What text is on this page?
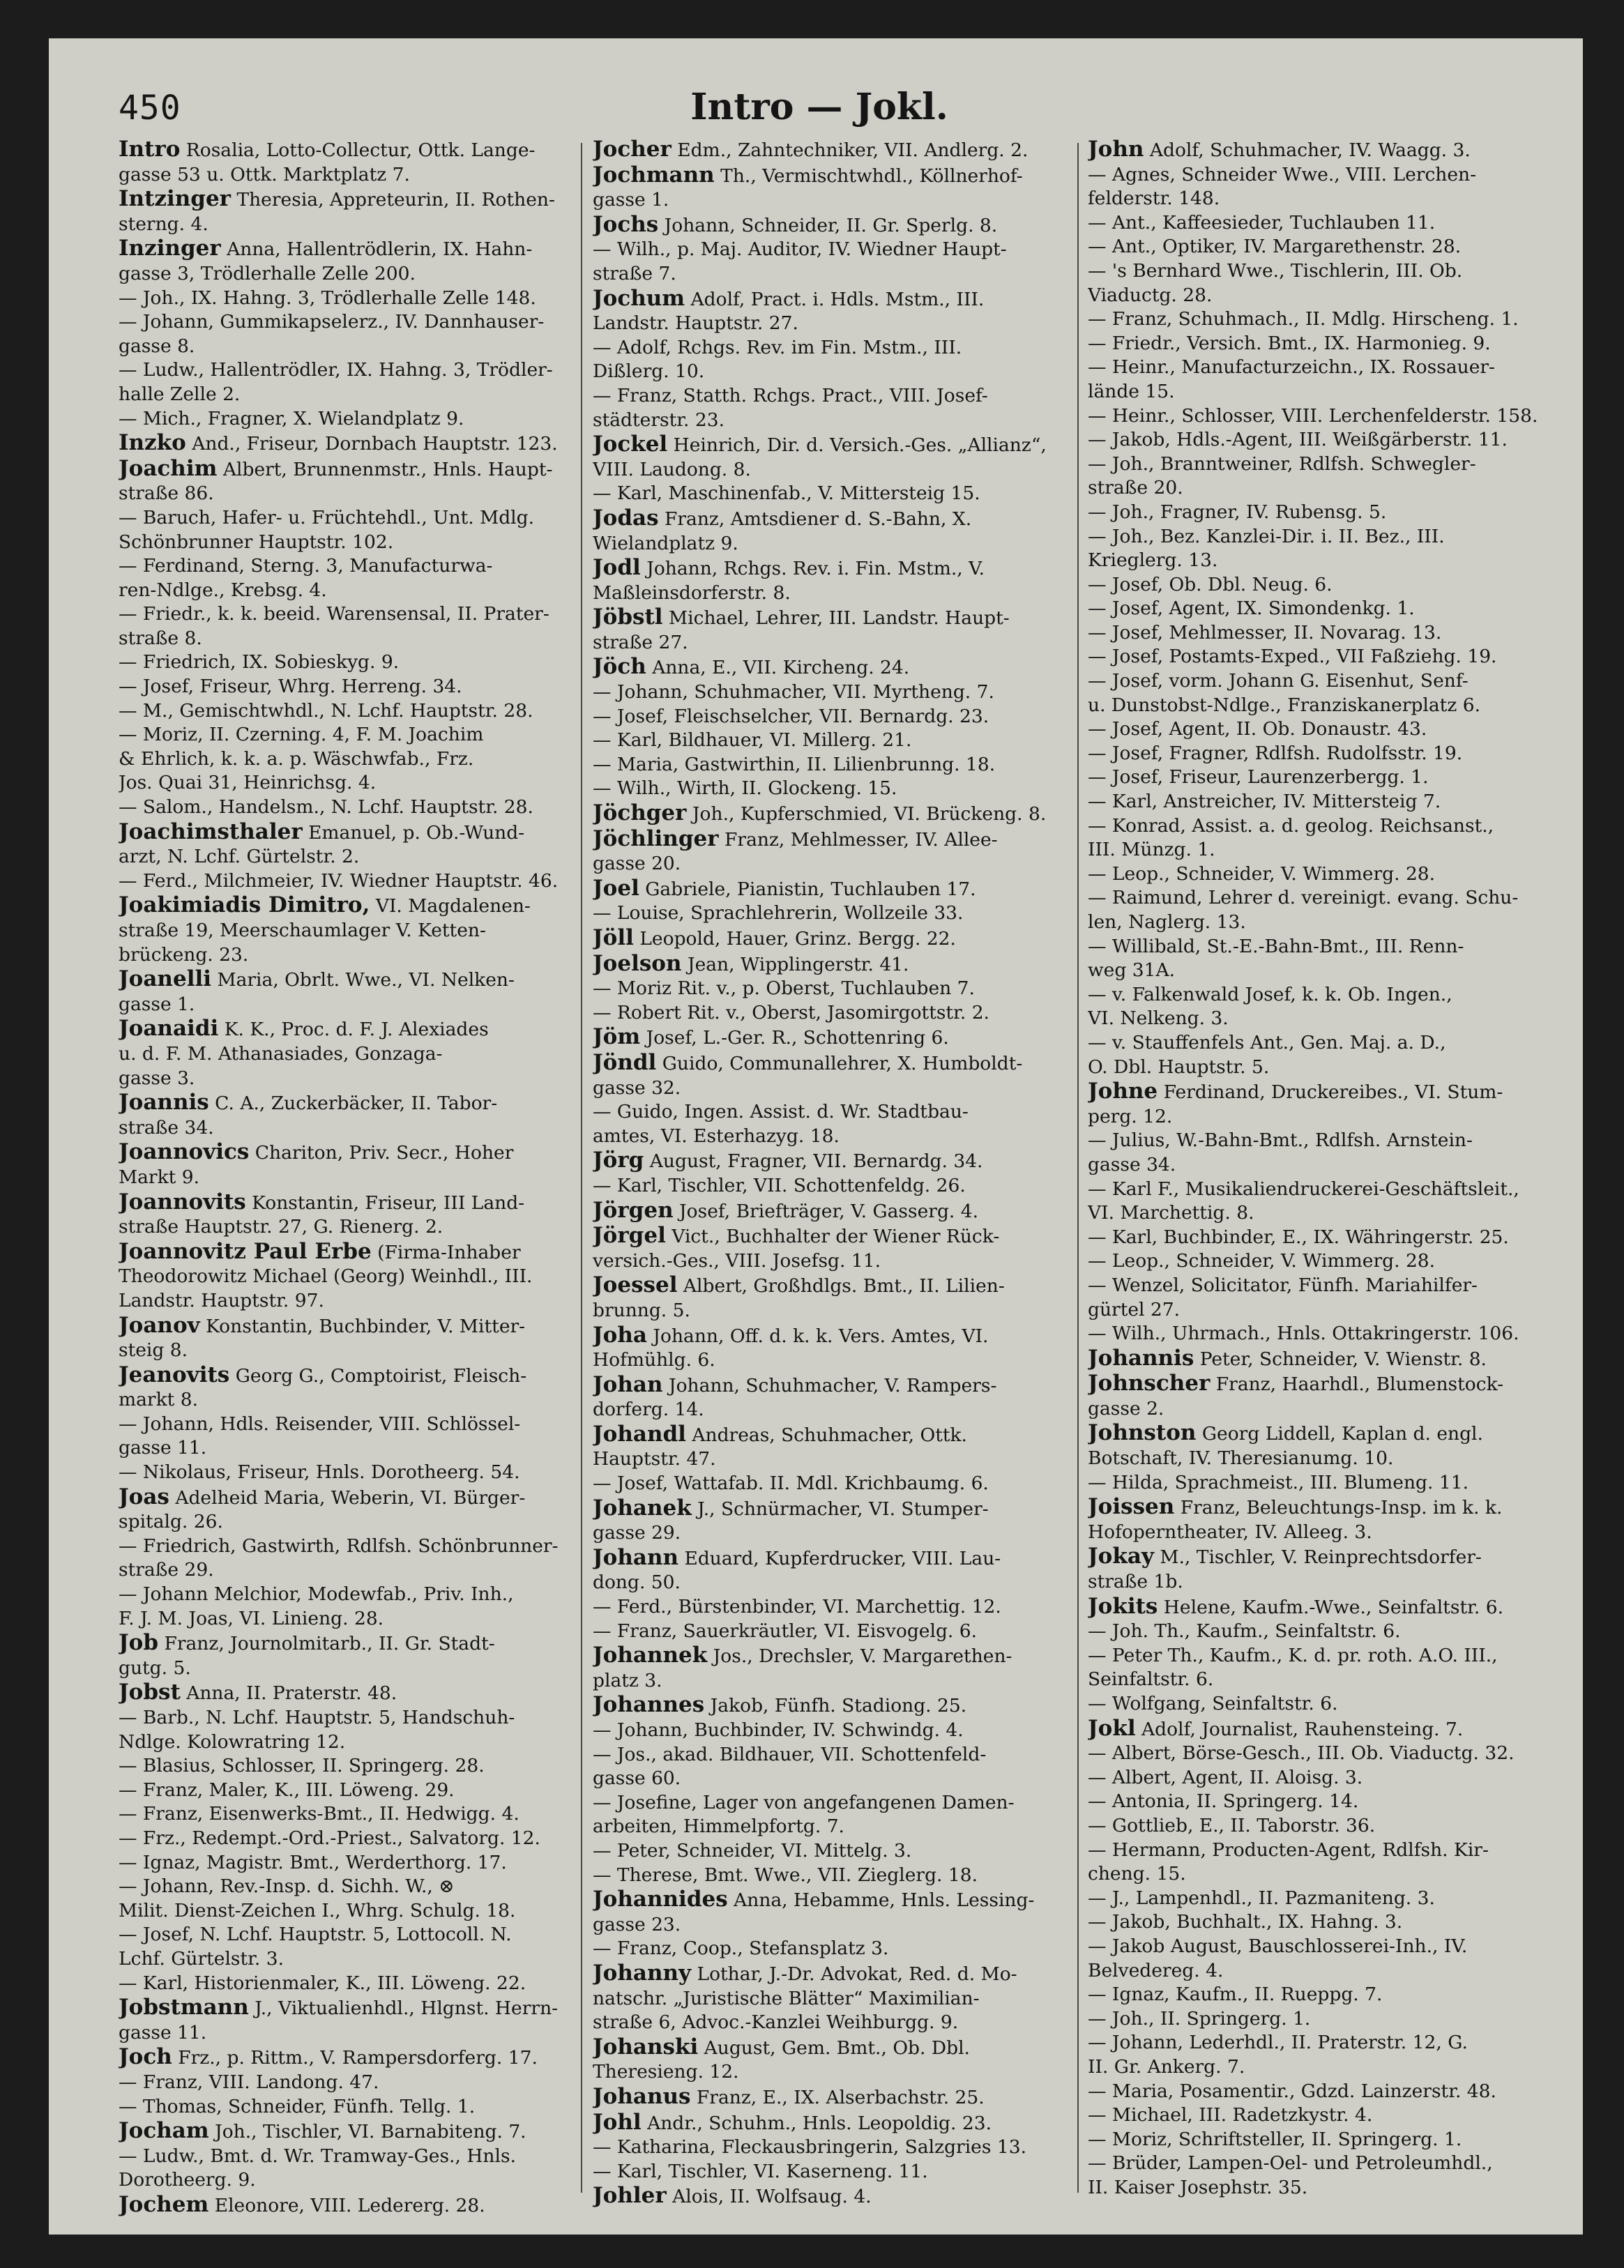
450	Intro — Jokl.
Intro Rosalia, Lotto-Collectur, Ottk. Lange-
gasse 53 u. Ottk. Marktplatz 7.
Intzinger Theresia, Appreteurin, II. Rothen-
sterng. 4.
Inzinger Anna, Hallentrödlerin, IX. Hahn-
gasse 3, Trödlerhalle Zelle 200.
— Joh., IX. Hahng. 3, Trödlerhalle Zelle 148.
— Johann, Gummikapselerz., IV. Dannhauser-
gasse 8.
— Ludw., Hallentrödler, IX. Hahng. 3, Trödler-
halle Zelle 2.
— Mich., Fragner, X. Wielandplatz 9.
Inzko And., Friseur, Dornbach Hauptstr. 123.
Joachim Albert, Brunnenmstr., Hnls. Haupt-
straße 86.
— Baruch, Hafer- u. Früchtehdl., Unt. Mdlg.
Schönbrunner Hauptstr. 102.
— Ferdinand, Sterng. 3, Manufacturwa-
ren-Ndlge., Krebsg. 4.
— Friedr., k. k. beeid. Warensensal, II. Prater-
straße 8.
— Friedrich, IX. Sobieskyg. 9.
— Josef, Friseur, Whrg. Herreng. 34.
— M., Gemischtwhdl., N. Lchf. Hauptstr. 28.
— Moriz, II. Czerning. 4, F. M. Joachim
& Ehrlich, k. k. a. p. Wäschwfab., Frz.
Jos. Quai 31, Heinrichsg. 4.
— Salom., Handelsm., N. Lchf. Hauptstr. 28.
Joachimsthaler Emanuel, p. Ob.-Wund-
arzt, N. Lchf. Gürtelstr. 2.
— Ferd., Milchmeier, IV. Wiedner Hauptstr. 46.
Joakimiadis Dimitro, VI. Magdalenen-
straße 19, Meerschaumlager V. Ketten-
brückeng. 23.
Joanelli Maria, Obrlt. Wwe., VI. Nelken-
gasse 1.
Joanaidi K. K., Proc. d. F. J. Alexiades
u. d. F. M. Athanasiades, Gonzaga-
gasse 3.
Joannis C. A., Zuckerbäcker, II. Tabor-
straße 34.
Joannovics Chariton, Priv. Secr., Hoher
Markt 9.
Joannovits Konstantin, Friseur, III Land-
straße Hauptstr. 27, G. Rienerg. 2.
Joannovitz Paul Erbe (Firma-Inhaber
Theodorowitz Michael (Georg) Weinhdl., III.
Landstr. Hauptstr. 97.
Joanov Konstantin, Buchbinder, V. Mitter-
steig 8.
Jeanovits Georg G., Comptoirist, Fleisch-
markt 8.
— Johann, Hdls. Reisender, VIII. Schlössel-
gasse 11.
— Nikolaus, Friseur, Hnls. Dorotheerg. 54.
Joas Adelheid Maria, Weberin, VI. Bürger-
spitalg. 26.
— Friedrich, Gastwirth, Rdlfsh. Schönbrunner-
straße 29.
— Johann Melchior, Modewfab., Priv. Inh.,
F. J. M. Joas, VI. Linieng. 28.
Job Franz, Journolmitarb., II. Gr. Stadt-
gutg. 5.
Jobst Anna, II. Praterstr. 48.
— Barb., N. Lchf. Hauptstr. 5, Handschuh-
Ndlge. Kolowratring 12.
— Blasius, Schlosser, II. Springerg. 28.
— Franz, Maler, K., III. Löweng. 29.
— Franz, Eisenwerks-Bmt., II. Hedwigg. 4.
— Frz., Redempt.-Ord.-Priest., Salvatorg. 12.
— Ignaz, Magistr. Bmt., Werderthorg. 17.
— Johann, Rev.-Insp. d. Sichh. W., ⊗
Milit. Dienst-Zeichen I., Whrg. Schulg. 18.
— Josef, N. Lchf. Hauptstr. 5, Lottocoll. N.
Lchf. Gürtelstr. 3.
— Karl, Historienmaler, K., III. Löweng. 22.
Jobstmann J., Viktualienhdl., Hlgnst. Herrn-
gasse 11.
Joch Frz., p. Rittm., V. Rampersdorferg. 17.
— Franz, VIII. Landong. 47.
— Thomas, Schneider, Fünfh. Tellg. 1.
Jocham Joh., Tischler, VI. Barnabiteng. 7.
— Ludw., Bmt. d. Wr. Tramway-Ges., Hnls.
Dorotheerg. 9.
Jochem Eleonore, VIII. Ledererg. 28.
Jocher Edm., Zahntechniker, VII. Andlerg. 2.
Jochmann Th., Vermischtwhdl., Köllnerhof-
gasse 1.
Jochs Johann, Schneider, II. Gr. Sperlg. 8.
— Wilh., p. Maj. Auditor, IV. Wiedner Haupt-
straße 7.
Jochum Adolf, Pract. i. Hdls. Mstm., III.
Landstr. Hauptstr. 27.
— Adolf, Rchgs. Rev. im Fin. Mstm., III.
Dißlerg. 10.
— Franz, Statth. Rchgs. Pract., VIII. Josef-
städterstr. 23.
Jockel Heinrich, Dir. d. Versich.-Ges. „Allianz“,
VIII. Laudong. 8.
— Karl, Maschinenfab., V. Mittersteig 15.
Jodas Franz, Amtsdiener d. S.-Bahn, X.
Wielandplatz 9.
Jodl Johann, Rchgs. Rev. i. Fin. Mstm., V.
Maßleinsdorferstr. 8.
Jöbstl Michael, Lehrer, III. Landstr. Haupt-
straße 27.
Jöch Anna, E., VII. Kircheng. 24.
— Johann, Schuhmacher, VII. Myrtheng. 7.
— Josef, Fleischselcher, VII. Bernardg. 23.
— Karl, Bildhauer, VI. Millerg. 21.
— Maria, Gastwirthin, II. Lilienbrunng. 18.
— Wilh., Wirth, II. Glockeng. 15.
Jöchger Joh., Kupferschmied, VI. Brückeng. 8.
Jöchlinger Franz, Mehlmesser, IV. Allee-
gasse 20.
Joel Gabriele, Pianistin, Tuchlauben 17.
— Louise, Sprachlehrerin, Wollzeile 33.
Jöll Leopold, Hauer, Grinz. Bergg. 22.
Joelson Jean, Wipplingerstr. 41.
— Moriz Rit. v., p. Oberst, Tuchlauben 7.
— Robert Rit. v., Oberst, Jasomirgottstr. 2.
Jöm Josef, L.-Ger. R., Schottenring 6.
Jöndl Guido, Communallehrer, X. Humboldt-
gasse 32.
— Guido, Ingen. Assist. d. Wr. Stadtbau-
amtes, VI. Esterhazyg. 18.
Jörg August, Fragner, VII. Bernardg. 34.
— Karl, Tischler, VII. Schottenfeldg. 26.
Jörgen Josef, Briefträger, V. Gasserg. 4.
Jörgel Vict., Buchhalter der Wiener Rück-
versich.-Ges., VIII. Josefsg. 11.
Joessel Albert, Großhdlgs. Bmt., II. Lilien-
brunng. 5.
Joha Johann, Off. d. k. k. Vers. Amtes, VI.
Hofmühlg. 6.
Johan Johann, Schuhmacher, V. Rampers-
dorferg. 14.
Johandl Andreas, Schuhmacher, Ottk.
Hauptstr. 47.
— Josef, Wattafab. II. Mdl. Krichbaumg. 6.
Johanek J., Schnürmacher, VI. Stumper-
gasse 29.
Johann Eduard, Kupferdrucker, VIII. Lau-
dong. 50.
— Ferd., Bürstenbinder, VI. Marchettig. 12.
— Franz, Sauerkräutler, VI. Eisvogelg. 6.
Johannek Jos., Drechsler, V. Margarethen-
platz 3.
Johannes Jakob, Fünfh. Stadiong. 25.
— Johann, Buchbinder, IV. Schwindg. 4.
— Jos., akad. Bildhauer, VII. Schottenfeld-
gasse 60.
— Josefine, Lager von angefangenen Damen-
arbeiten, Himmelpfortg. 7.
— Peter, Schneider, VI. Mittelg. 3.
— Therese, Bmt. Wwe., VII. Zieglerg. 18.
Johannides Anna, Hebamme, Hnls. Lessing-
gasse 23.
— Franz, Coop., Stefansplatz 3.
Johanny Lothar, J.-Dr. Advokat, Red. d. Mo-
natschr. „Juristische Blätter“ Maximilian-
straße 6, Advoc.-Kanzlei Weihburgg. 9.
Johanski August, Gem. Bmt., Ob. Dbl.
Theresieng. 12.
Johanus Franz, E., IX. Alserbachstr. 25.
Johl Andr., Schuhm., Hnls. Leopoldig. 23.
— Katharina, Fleckausbringerin, Salzgries 13.
— Karl, Tischler, VI. Kaserneng. 11.
Johler Alois, II. Wolfsaug. 4.
John Adolf, Schuhmacher, IV. Waagg. 3.
— Agnes, Schneider Wwe., VIII. Lerchen-
felderstr. 148.
— Ant., Kaffeesieder, Tuchlauben 11.
— Ant., Optiker, IV. Margarethenstr. 28.
— 's Bernhard Wwe., Tischlerin, III. Ob.
Viaductg. 28.
— Franz, Schuhmach., II. Mdlg. Hirscheng. 1.
— Friedr., Versich. Bmt., IX. Harmonieg. 9.
— Heinr., Manufacturzeichn., IX. Rossauer-
lände 15.
— Heinr., Schlosser, VIII. Lerchenfelderstr. 158.
— Jakob, Hdls.-Agent, III. Weißgärberstr. 11.
— Joh., Branntweiner, Rdlfsh. Schwegler-
straße 20.
— Joh., Fragner, IV. Rubensg. 5.
— Joh., Bez. Kanzlei-Dir. i. II. Bez., III.
Krieglerg. 13.
— Josef, Ob. Dbl. Neug. 6.
— Josef, Agent, IX. Simondenkg. 1.
— Josef, Mehlmesser, II. Novarag. 13.
— Josef, Postamts-Exped., VII Faßziehg. 19.
— Josef, vorm. Johann G. Eisenhut, Senf-
u. Dunstobst-Ndlge., Franziskanerplatz 6.
— Josef, Agent, II. Ob. Donaustr. 43.
— Josef, Fragner, Rdlfsh. Rudolfsstr. 19.
— Josef, Friseur, Laurenzerbergg. 1.
— Karl, Anstreicher, IV. Mittersteig 7.
— Konrad, Assist. a. d. geolog. Reichsanst.,
III. Münzg. 1.
— Leop., Schneider, V. Wimmerg. 28.
— Raimund, Lehrer d. vereinigt. evang. Schu-
len, Naglerg. 13.
— Willibald, St.-E.-Bahn-Bmt., III. Renn-
weg 31A.
— v. Falkenwald Josef, k. k. Ob. Ingen.,
VI. Nelkeng. 3.
— v. Stauffenfels Ant., Gen. Maj. a. D.,
O. Dbl. Hauptstr. 5.
Johne Ferdinand, Druckereibes., VI. Stum-
perg. 12.
— Julius, W.-Bahn-Bmt., Rdlfsh. Arnstein-
gasse 34.
— Karl F., Musikaliendruckerei-Geschäftsleit.,
VI. Marchettig. 8.
— Karl, Buchbinder, E., IX. Währingerstr. 25.
— Leop., Schneider, V. Wimmerg. 28.
— Wenzel, Solicitator, Fünfh. Mariahilfer-
gürtel 27.
— Wilh., Uhrmach., Hnls. Ottakringerstr. 106.
Johannis Peter, Schneider, V. Wienstr. 8.
Johnscher Franz, Haarhdl., Blumenstock-
gasse 2.
Johnston Georg Liddell, Kaplan d. engl.
Botschaft, IV. Theresianumg. 10.
— Hilda, Sprachmeist., III. Blumeng. 11.
Joissen Franz, Beleuchtungs-Insp. im k. k.
Hofoperntheater, IV. Alleeg. 3.
Jokay M., Tischler, V. Reinprechtsdorfer-
straße 1b.
Jokits Helene, Kaufm.-Wwe., Seinfaltstr. 6.
— Joh. Th., Kaufm., Seinfaltstr. 6.
— Peter Th., Kaufm., K. d. pr. roth. A.O. III.,
Seinfaltstr. 6.
— Wolfgang, Seinfaltstr. 6.
Jokl Adolf, Journalist, Rauhensteing. 7.
— Albert, Börse-Gesch., III. Ob. Viaductg. 32.
— Albert, Agent, II. Aloisg. 3.
— Antonia, II. Springerg. 14.
— Gottlieb, E., II. Taborstr. 36.
— Hermann, Producten-Agent, Rdlfsh. Kir-
cheng. 15.
— J., Lampenhdl., II. Pazmaniteng. 3.
— Jakob, Buchhalt., IX. Hahng. 3.
— Jakob August, Bauschlosserei-Inh., IV.
Belvedereg. 4.
— Ignaz, Kaufm., II. Rueppg. 7.
— Joh., II. Springerg. 1.
— Johann, Lederhdl., II. Praterstr. 12, G.
II. Gr. Ankerg. 7.
— Maria, Posamentir., Gdzd. Lainzerstr. 48.
— Michael, III. Radetzkystr. 4.
— Moriz, Schriftsteller, II. Springerg. 1.
— Brüder, Lampen-Oel- und Petroleumhdl.,
II. Kaiser Josephstr. 35.
